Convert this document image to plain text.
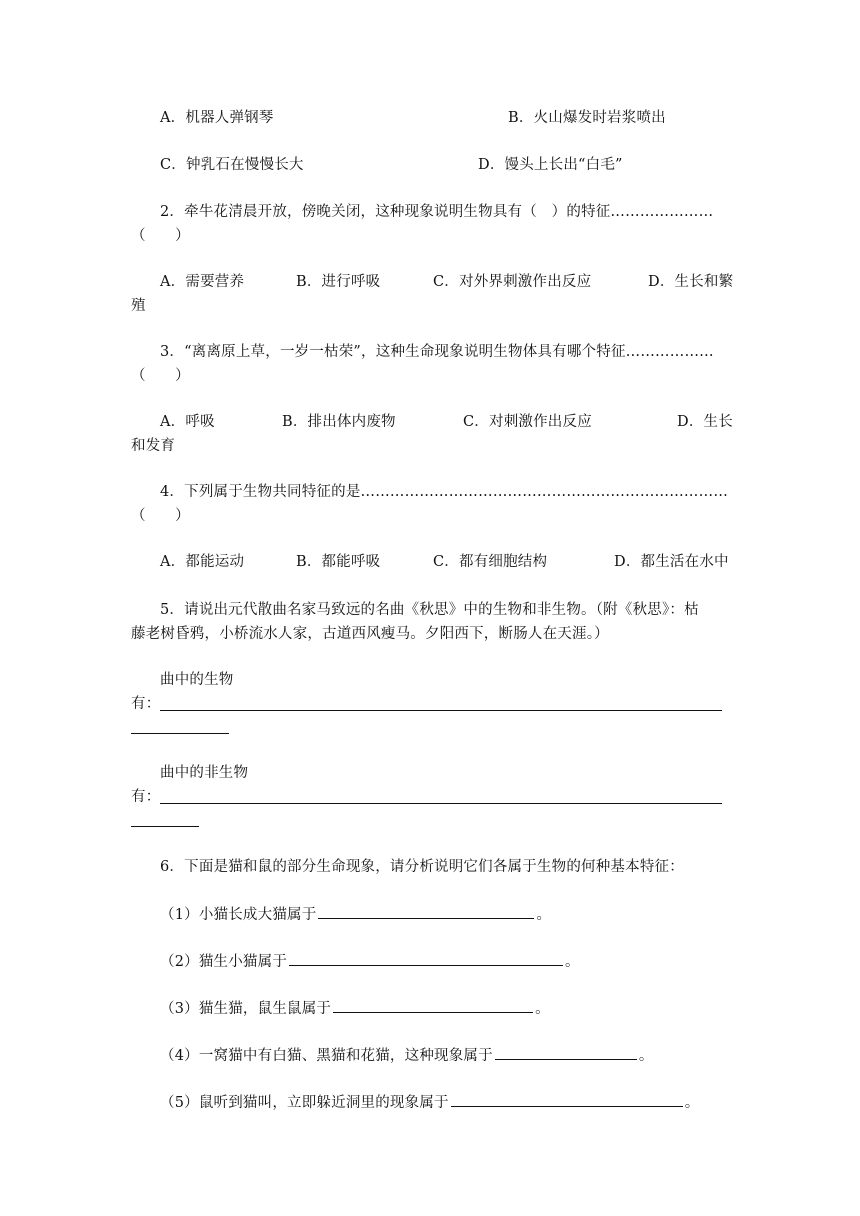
A．机器人弹钢琴	B．火山爆发时岩浆喷出
C．钟乳石在慢慢长大	D．馒头上长出“白毛”
2．牵牛花清晨开放，傍晚关闭，这种现象说明生物具有（　）的特征…………………
（　　）
A．需要营养	B．进行呼吸	C．对外界刺激作出反应	D．生长和繁
殖
3．“离离原上草，一岁一枯荣”，这种生命现象说明生物体具有哪个特征………………
（　　）
A．呼吸	B．排出体内废物	C．对刺激作出反应	D．生长
和发育
4．下列属于生物共同特征的是…………………………………………………………………
（　　）
A．都能运动	B．都能呼吸	C．都有细胞结构	D．都生活在水中
5．请说出元代散曲名家马致远的名曲《秋思》中的生物和非生物。（附《秋思》：枯
藤老树昏鸦，小桥流水人家，古道西风瘦马。夕阳西下，断肠人在天涯。）
曲中的生物
有：
曲中的非生物
有：
6．下面是猫和鼠的部分生命现象，请分析说明它们各属于生物的何种基本特征：
（1）小猫长成大猫属于	。
（2）猫生小猫属于	。
（3）猫生猫，鼠生鼠属于	。
（4）一窝猫中有白猫、黑猫和花猫，这种现象属于	。
（5）鼠听到猫叫，立即躲近洞里的现象属于	。
